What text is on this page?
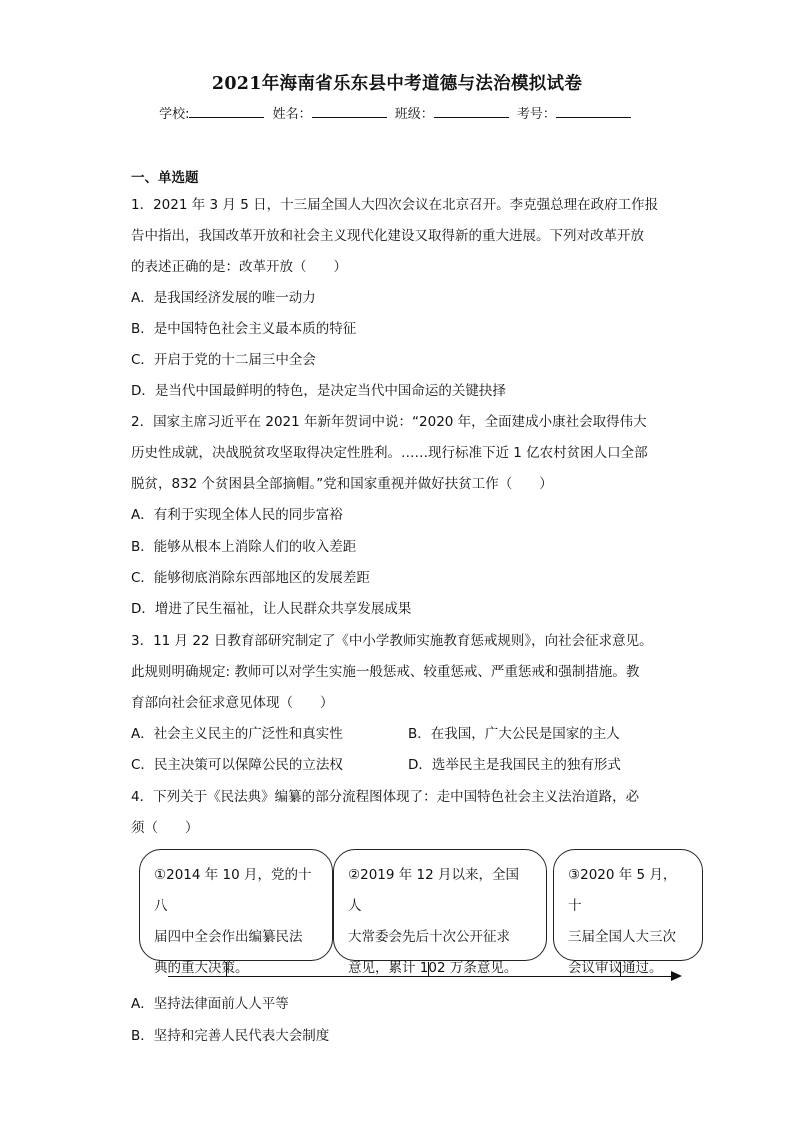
2021年海南省乐东县中考道德与法治模拟试卷
学校:	姓名：	班级：	考号：
一、单选题
1．2021 年 3 月 5 日，十三届全国人大四次会议在北京召开。李克强总理在政府工作报
告中指出，我国改革开放和社会主义现代化建设又取得新的重大进展。下列对改革开放
的表述正确的是：改革开放（　　）
A．是我国经济发展的唯一动力
B．是中国特色社会主义最本质的特征
C．开启于党的十二届三中全会
D．是当代中国最鲜明的特色，是决定当代中国命运的关键抉择
2．国家主席习近平在 2021 年新年贺词中说：“2020 年，全面建成小康社会取得伟大
历史性成就，决战脱贫攻坚取得决定性胜利。……现行标准下近 1 亿农村贫困人口全部
脱贫，832 个贫困县全部摘帽。”党和国家重视并做好扶贫工作（　　）
A．有利于实现全体人民的同步富裕
B．能够从根本上消除人们的收入差距
C．能够彻底消除东西部地区的发展差距
D．增进了民生福祉，让人民群众共享发展成果
3．11 月 22 日教育部研究制定了《中小学教师实施教育惩戒规则》，向社会征求意见。
此规则明确规定: 教师可以对学生实施一般惩戒、较重惩戒、严重惩戒和强制措施。教
育部向社会征求意见体现（　　）
A．社会主义民主的广泛性和真实性	B．在我国，广大公民是国家的主人
C．民主决策可以保障公民的立法权	D．选举民主是我国民主的独有形式
4．下列关于《民法典》编纂的部分流程图体现了：走中国特色社会主义法治道路，必
须（　　）
①2014 年 10 月，党的十八
届四中全会作出编纂民法
典的重大决策。
②2019 年 12 月以来，全国人
大常委会先后十次公开征求
意见，累计 102 万条意见。
③2020 年 5 月，十
三届全国人大三次
会议审议通过。
A．坚持法律面前人人平等
B．坚持和完善人民代表大会制度
